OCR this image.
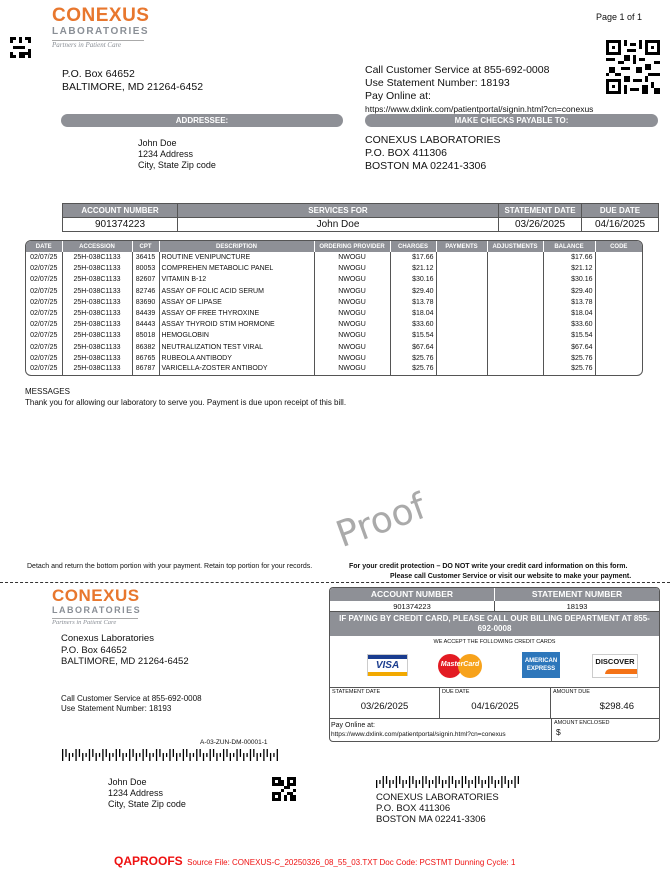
Page 1 of 1
CONEXUS
LABORATORIES
Partners in Patient Care
P.O. Box 64652
BALTIMORE, MD 21264-6452
Call Customer Service at 855-692-0008
Use Statement Number: 18193
Pay Online at:
https://www.dxlink.com/patientportal/signin.html?cn=conexus
ADDRESSEE:	MAKE CHECKS PAYABLE TO:
John Doe
1234 Address
City, State Zip code
CONEXUS LABORATORIES
P.O. BOX 411306
BOSTON MA 02241-3306
ACCOUNT NUMBER	SERVICES FOR	STATEMENT DATE	DUE DATE
901374223	John Doe	03/26/2025	04/16/2025
DATE	ACCESSION	CPT	DESCRIPTION	ORDERING PROVIDER	CHARGES	PAYMENTS	ADJUSTMENTS	BALANCE	CODE
02/07/25	25H-038C1133	36415	ROUTINE VENIPUNCTURE	NWOGU	$17.66			$17.66	
02/07/25	25H-038C1133	80053	COMPREHEN METABOLIC PANEL	NWOGU	$21.12			$21.12	
02/07/25	25H-038C1133	82607	VITAMIN B-12	NWOGU	$30.16			$30.16	
02/07/25	25H-038C1133	82746	ASSAY OF FOLIC ACID SERUM	NWOGU	$29.40			$29.40	
02/07/25	25H-038C1133	83690	ASSAY OF LIPASE	NWOGU	$13.78			$13.78	
02/07/25	25H-038C1133	84439	ASSAY OF FREE THYROXINE	NWOGU	$18.04			$18.04	
02/07/25	25H-038C1133	84443	ASSAY THYROID STIM HORMONE	NWOGU	$33.60			$33.60	
02/07/25	25H-038C1133	85018	HEMOGLOBIN	NWOGU	$15.54			$15.54	
02/07/25	25H-038C1133	86382	NEUTRALIZATION TEST VIRAL	NWOGU	$67.64			$67.64	
02/07/25	25H-038C1133	86765	RUBEOLA ANTIBODY	NWOGU	$25.76			$25.76	
02/07/25	25H-038C1133	86787	VARICELLA-ZOSTER ANTIBODY	NWOGU	$25.76			$25.76	
MESSAGES
Thank you for allowing our laboratory to serve you. Payment is due upon receipt of this bill.
Proof
Detach and return the bottom portion with your payment. Retain top portion for your records.	For your credit protection – DO NOT write your credit card information on this form.
Please call Customer Service or visit our website to make your payment.
CONEXUS
LABORATORIES
Partners in Patient Care
Conexus Laboratories
P.O. Box 64652
BALTIMORE, MD 21264-6452
Call Customer Service at 855-692-0008
Use Statement Number: 18193
A-03-ZUN-DM-00001-1
John Doe
1234 Address
City, State Zip code
CONEXUS LABORATORIES
P.O. BOX 411306
BOSTON MA 02241-3306
ACCOUNT NUMBER	STATEMENT NUMBER
901374223	18193
IF PAYING BY CREDIT CARD, PLEASE CALL OUR BILLING DEPARTMENT AT 855-692-0008
WE ACCEPT THE FOLLOWING CREDIT CARDS
VISA	MasterCard	AMERICAN
EXPRESS
DISCOVER
STATEMENT DATE
03/26/2025
DUE DATE
04/16/2025
AMOUNT DUE
$298.46
Pay Online at:
https://www.dxlink.com/patientportal/signin.html?cn=conexus
AMOUNT ENCLOSED
$
QAPROOFS Source File: CONEXUS-C_20250326_08_55_03.TXT Doc Code: PCSTMT Dunning Cycle: 1
